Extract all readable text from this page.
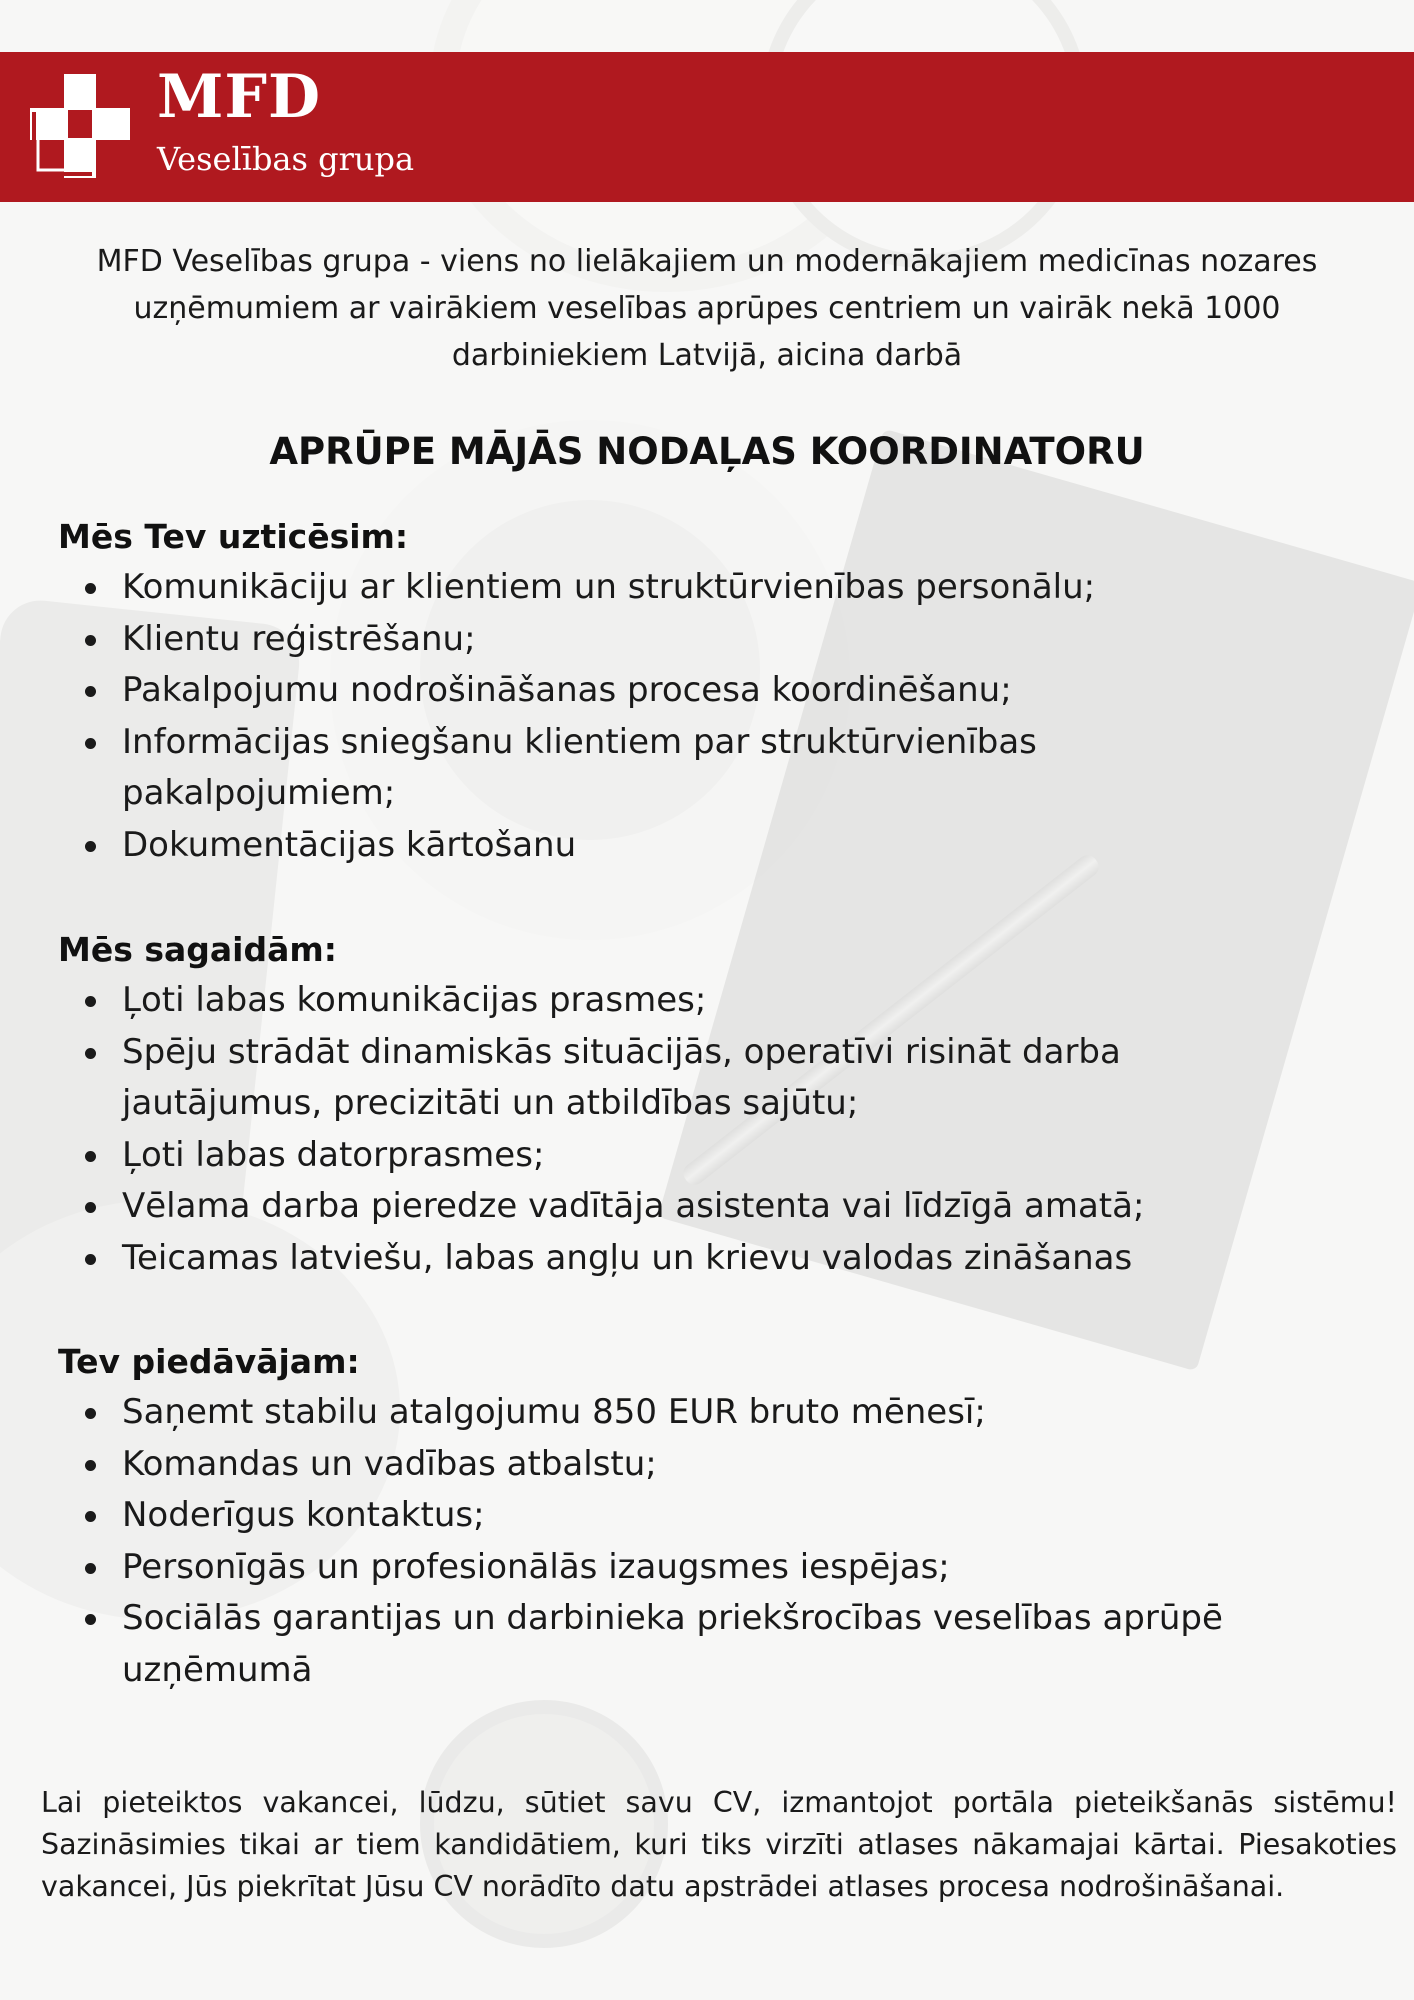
MFD
Veselības grupa
MFD Veselības grupa - viens no lielākajiem un modernākajiem medicīnas nozares uzņēmumiem ar vairākiem veselības aprūpes centriem un vairāk nekā 1000 darbiniekiem Latvijā, aicina darbā
APRŪPE MĀJĀS NODAĻAS KOORDINATORU
Mēs Tev uzticēsim:
Komunikāciju ar klientiem un struktūrvienības personālu;
Klientu reģistrēšanu;
Pakalpojumu nodrošināšanas procesa koordinēšanu;
Informācijas sniegšanu klientiem par struktūrvienības pakalpojumiem;
Dokumentācijas kārtošanu
Mēs sagaidām:
Ļoti labas komunikācijas prasmes;
Spēju strādāt dinamiskās situācijās, operatīvi risināt darba jautājumus, precizitāti un atbildības sajūtu;
Ļoti labas datorprasmes;
Vēlama darba pieredze vadītāja asistenta vai līdzīgā amatā;
Teicamas latviešu, labas angļu un krievu valodas zināšanas
Tev piedāvājam:
Saņemt stabilu atalgojumu 850 EUR bruto mēnesī;
Komandas un vadības atbalstu;
Noderīgus kontaktus;
Personīgās un profesionālās izaugsmes iespējas;
Sociālās garantijas un darbinieka priekšrocības veselības aprūpē uzņēmumā
Lai pieteiktos vakancei, lūdzu, sūtiet savu CV, izmantojot portāla pieteikšanās sistēmu! Sazināsimies tikai ar tiem kandidātiem, kuri tiks virzīti atlases nākamajai kārtai. Piesakoties vakancei, Jūs piekrītat Jūsu CV norādīto datu apstrādei atlases procesa nodrošināšanai.
